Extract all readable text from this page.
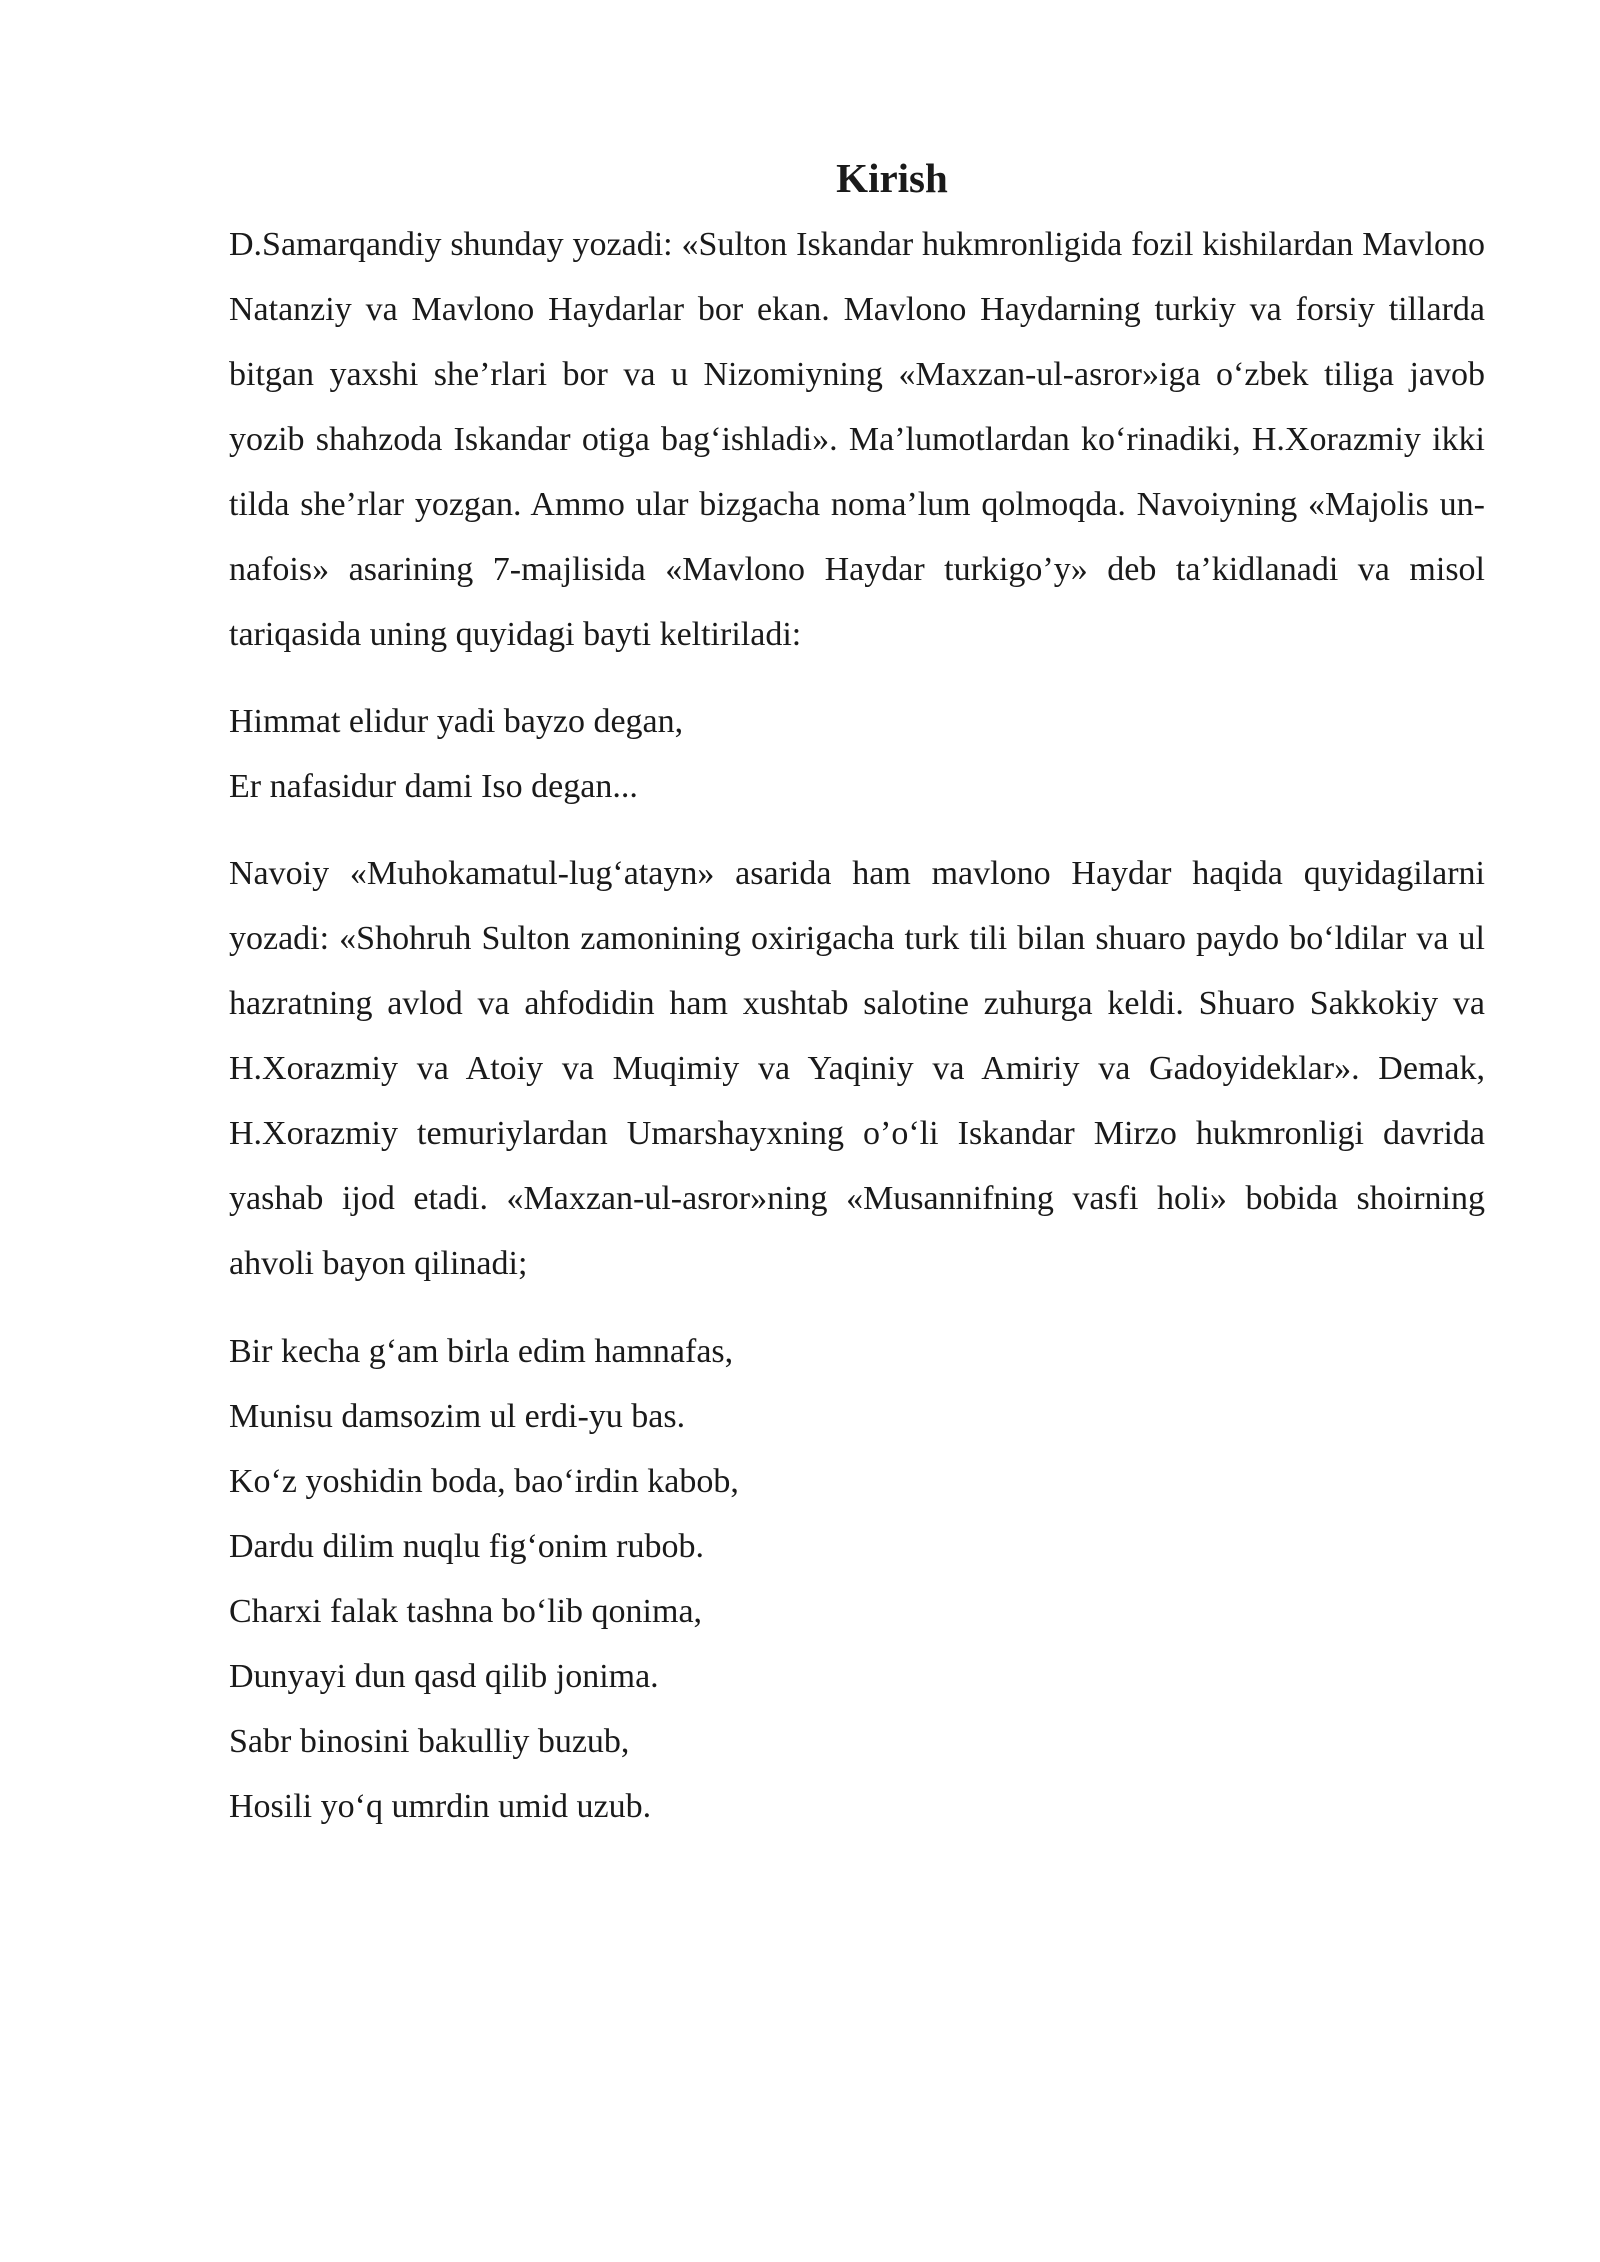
Kirish

D.Samarqandiy shunday yozadi: «Sulton Iskandar hukmronligida fozil kishilardan Mavlono Natanziy va Mavlono Haydarlar bor ekan. Mavlono Haydarning turkiy va forsiy tillarda bitgan yaxshi she’rlari bor va u Nizomiyning «Maxzan-ul-asror»iga o‘zbek tiliga javob yozib shahzoda Iskandar otiga bag‘ishladi». Ma’lumotlardan ko‘rinadiki, H.Xorazmiy ikki tilda she’rlar yozgan. Ammo ular bizgacha noma’lum qolmoqda. Navoiyning «Majolis un-nafois» asarining 7-majlisida «Mavlono Haydar turkigo’y» deb ta’kidlanadi va misol tariqasida uning quyidagi bayti keltiriladi:

Himmat elidur yadi bayzo degan,
Er nafasidur dami Iso degan...

Navoiy «Muhokamatul-lug‘atayn» asarida ham mavlono Haydar haqida quyidagilarni yozadi: «Shohruh Sulton zamonining oxirigacha turk tili bilan shuaro paydo bo‘ldilar va ul hazratning avlod va ahfodidin ham xushtab salotine zuhurga keldi. Shuaro Sakkokiy va H.Xorazmiy va Atoiy va Muqimiy va Yaqiniy va Amiriy va Gadoyideklar». Demak, H.Xorazmiy temuriylardan Umarshayxning o’o‘li Iskandar Mirzo hukmronligi davrida yashab ijod etadi. «Maxzan-ul-asror»ning «Musannifning vasfi holi» bobida shoirning ahvoli bayon qilinadi;

Bir kecha g‘am birla edim hamnafas,
Munisu damsozim ul erdi-yu bas.
Ko‘z yoshidin boda, bao‘irdin kabob,
Dardu dilim nuqlu fig‘onim rubob.
Charxi falak tashna bo‘lib qonima,
Dunyayi dun qasd qilib jonima.
Sabr binosini bakulliy buzub,
Hosili yo‘q umrdin umid uzub.
